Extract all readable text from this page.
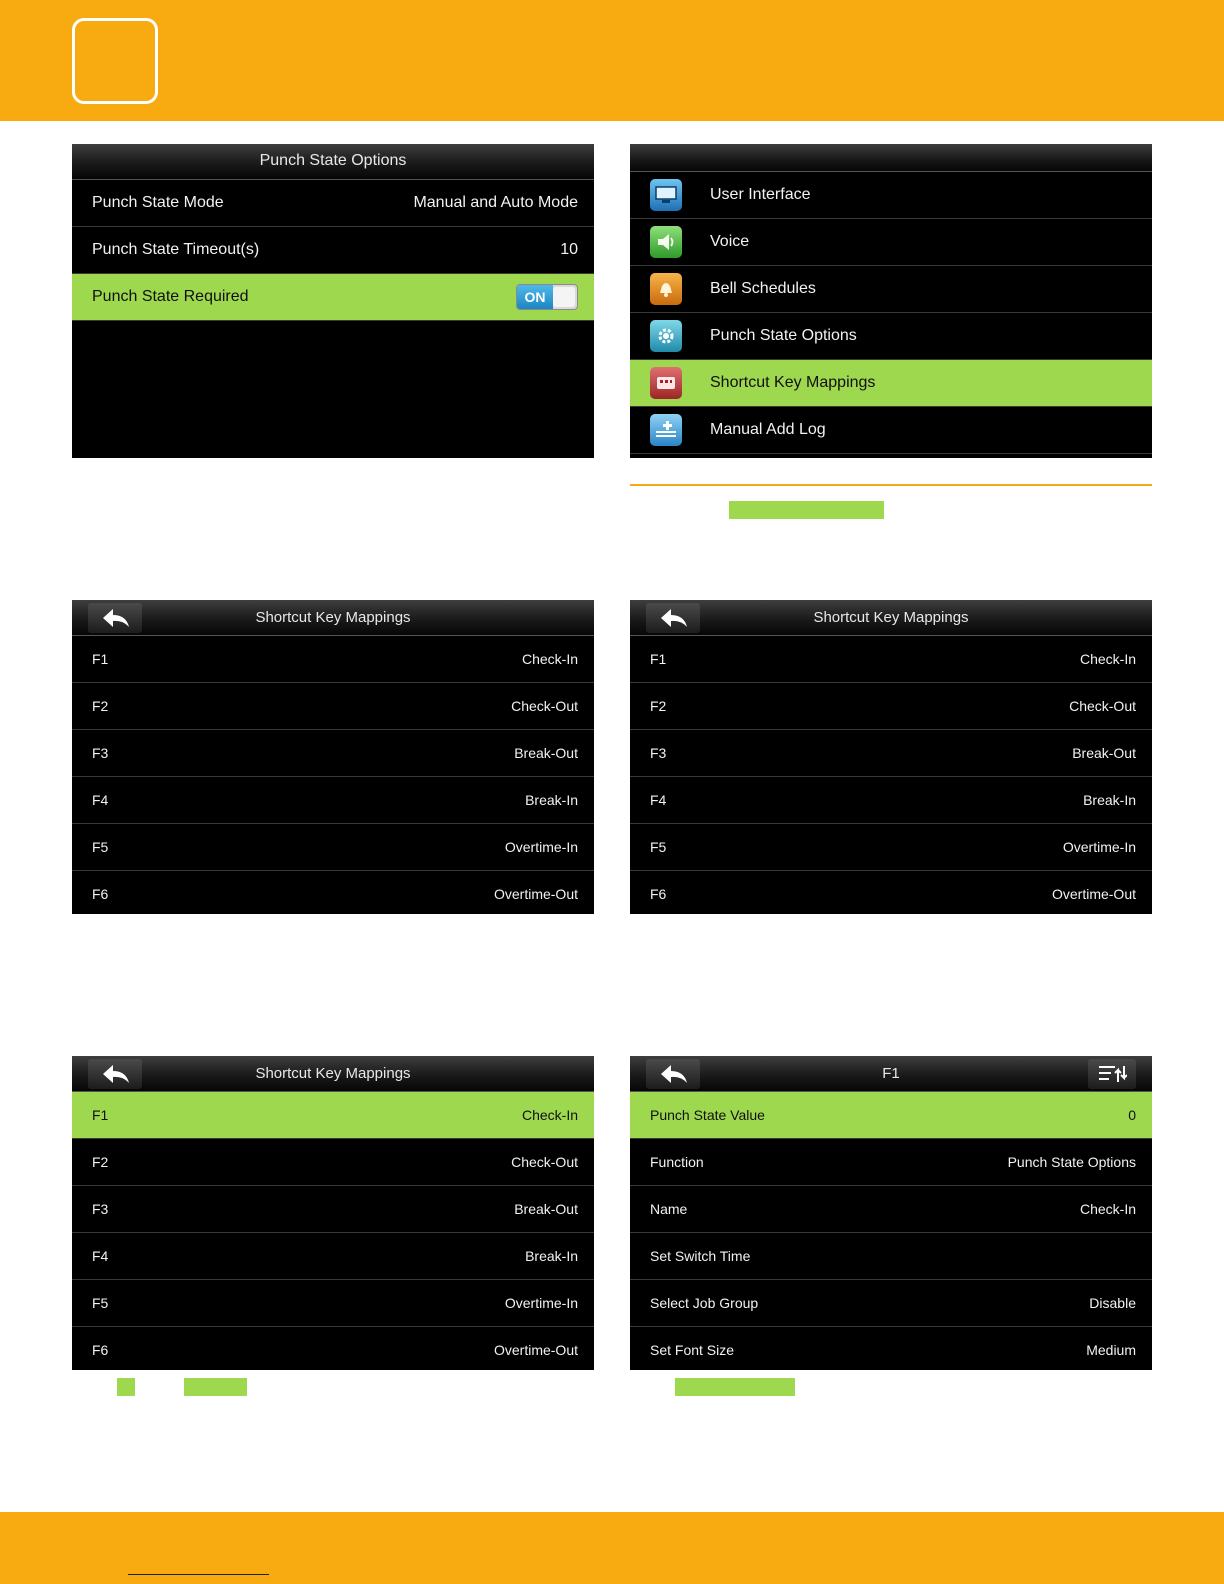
Punch State Options
Punch State Mode	Manual and Auto Mode
Punch State Timeout(s)	10
Punch State Required	ON
User Interface
Voice
Bell Schedules
Punch State Options
Shortcut Key Mappings
Manual Add Log
Shortcut Key Mappings
F1	Check-In
F2	Check-Out
F3	Break-Out
F4	Break-In
F5	Overtime-In
F6	Overtime-Out
Shortcut Key Mappings
F1	Check-In
F2	Check-Out
F3	Break-Out
F4	Break-In
F5	Overtime-In
F6	Overtime-Out
Shortcut Key Mappings
F1	Check-In
F2	Check-Out
F3	Break-Out
F4	Break-In
F5	Overtime-In
F6	Overtime-Out
F1
Punch State Value	0
Function	Punch State Options
Name	Check-In
Set Switch Time
Select Job Group	Disable
Set Font Size	Medium
